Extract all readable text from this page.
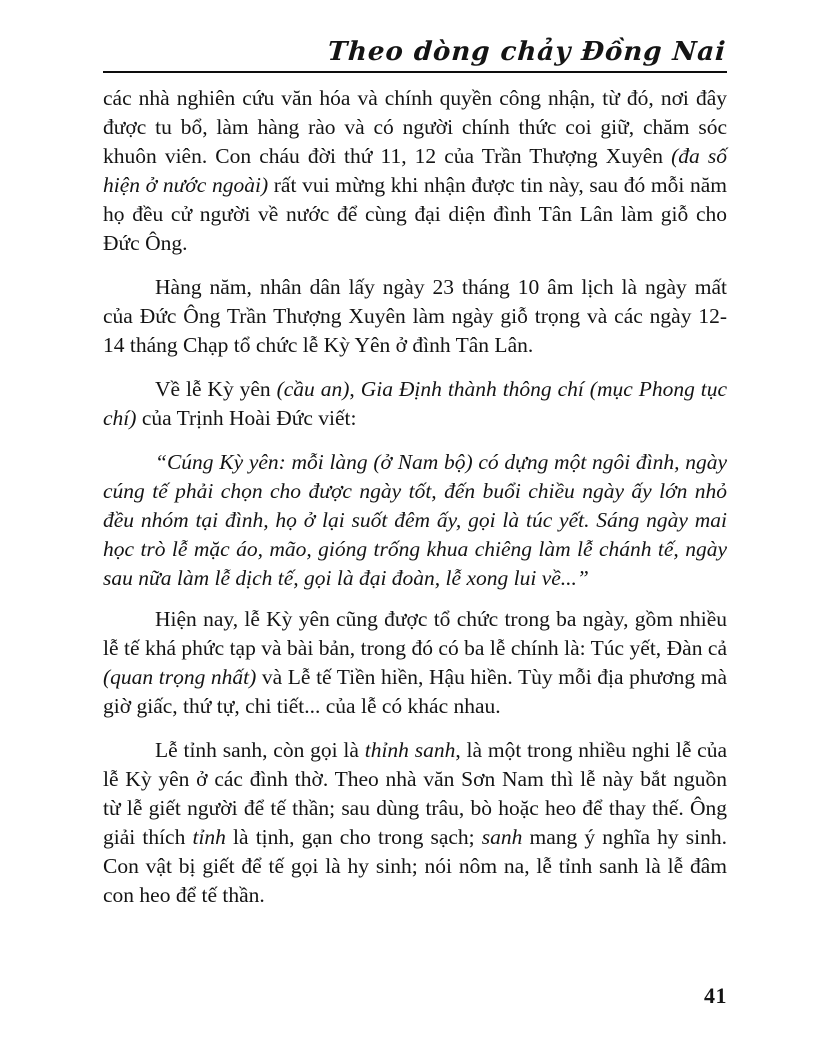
Theo dòng chảy Đồng Nai

các nhà nghiên cứu văn hóa và chính quyền công nhận, từ đó, nơi đây được tu bổ, làm hàng rào và có người chính thức coi giữ, chăm sóc khuôn viên. Con cháu đời thứ 11, 12 của Trần Thượng Xuyên (đa số hiện ở nước ngoài) rất vui mừng khi nhận được tin này, sau đó mỗi năm họ đều cử người về nước để cùng đại diện đình Tân Lân làm giỗ cho Đức Ông.

Hàng năm, nhân dân lấy ngày 23 tháng 10 âm lịch là ngày mất của Đức Ông Trần Thượng Xuyên làm ngày giỗ trọng và các ngày 12-14 tháng Chạp tổ chức lễ Kỳ Yên ở đình Tân Lân.

Về lễ Kỳ yên (cầu an), Gia Định thành thông chí (mục Phong tục chí) của Trịnh Hoài Đức viết:

“Cúng Kỳ yên: mỗi làng (ở Nam bộ) có dựng một ngôi đình, ngày cúng tế phải chọn cho được ngày tốt, đến buổi chiều ngày ấy lớn nhỏ đều nhóm tại đình, họ ở lại suốt đêm ấy, gọi là túc yết. Sáng ngày mai học trò lễ mặc áo, mão, gióng trống khua chiêng làm lễ chánh tế, ngày sau nữa làm lễ dịch tế, gọi là đại đoàn, lễ xong lui về...”

Hiện nay, lễ Kỳ yên cũng được tổ chức trong ba ngày, gồm nhiều lễ tế khá phức tạp và bài bản, trong đó có ba lễ chính là: Túc yết, Đàn cả (quan trọng nhất) và Lễ tế Tiền hiền, Hậu hiền. Tùy mỗi địa phương mà giờ giấc, thứ tự, chi tiết... của lễ có khác nhau.

Lễ tỉnh sanh, còn gọi là thỉnh sanh, là một trong nhiều nghi lễ của lễ Kỳ yên ở các đình thờ. Theo nhà văn Sơn Nam thì lễ này bắt nguồn từ lễ giết người để tế thần; sau dùng trâu, bò hoặc heo để thay thế. Ông giải thích tỉnh là tịnh, gạn cho trong sạch; sanh mang ý nghĩa hy sinh. Con vật bị giết để tế gọi là hy sinh; nói nôm na, lễ tỉnh sanh là lễ đâm con heo để tế thần.

41
